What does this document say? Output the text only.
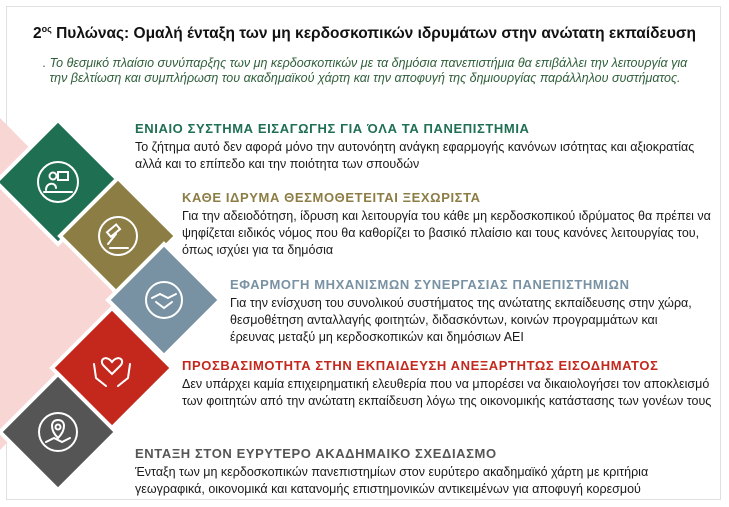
$2^{o\varsigma}$ Πυλώνας: Ομαλή ένταξη των μη κερδοσκοπικών ιδρυμάτων στην ανώτατη εκπαίδευση
. Το θεσμικό πλαίσιο συνύπαρξης των μη κερδοσκοπικών με τα δημόσια πανεπιστήμια θα επιβάλλει την λειτουργία για την βελτίωση και συμπλήρωση του ακαδημαϊκού χάρτη και την αποφυγή της δημιουργίας παράλληλου συστήματος.
ΕΝΙΑΙΟ ΣΥΣΤΗΜΑ ΕΙΣΑΓΩΓΗΣ ΓΙΑ ΌΛΑ ΤΑ ΠΑΝΕΠΙΣΤΗΜΙΑ
Το ζήτημα αυτό δεν αφορά μόνο την αυτονόητη ανάγκη εφαρμογής κανόνων ισότητας και αξιοκρατίας αλλά και το επίπεδο και την ποιότητα των σπουδών
ΚΑΘΕ ΙΔΡΥΜΑ ΘΕΣΜΟΘΕΤΕΙΤΑΙ ΞΕΧΩΡΙΣΤΑ
Για την αδειοδότηση, ίδρυση και λειτουργία του κάθε μη κερδοσκοπικού ιδρύματος θα πρέπει να ψηφίζεται ειδικός νόμος που θα καθορίζει το βασικό πλαίσιο και τους κανόνες λειτουργίας του, όπως ισχύει για τα δημόσια
ΕΦΑΡΜΟΓΗ ΜΗΧΑΝΙΣΜΩΝ ΣΥΝΕΡΓΑΣΙΑΣ ΠΑΝΕΠΙΣΤΗΜΙΩΝ
Για την ενίσχυση του συνολικού συστήματος της ανώτατης εκπαίδευσης στην χώρα, θεσμοθέτηση ανταλλαγής φοιτητών, διδασκόντων, κοινών προγραμμάτων και έρευνας μεταξύ μη κερδοσκοπικών και δημόσιων ΑΕΙ
ΠΡΟΣΒΑΣΙΜΟΤΗΤΑ ΣΤΗΝ ΕΚΠΑΙΔΕΥΣΗ ΑΝΕΞΑΡΤΗΤΩΣ ΕΙΣΟΔΗΜΑΤΟΣ
Δεν υπάρχει καμία επιχειρηματική ελευθερία που να μπορέσει να δικαιολογήσει τον αποκλεισμό των φοιτητών από την ανώτατη εκπαίδευση λόγω της οικονομικής κατάστασης των γονέων τους
ΕΝΤΑΞΗ ΣΤΟΝ ΕΥΡΥΤΕΡΟ ΑΚΑΔΗΜΑΙΚΟ ΣΧΕΔΙΑΣΜΟ
Ένταξη των μη κερδοσκοπικών πανεπιστημίων στον ευρύτερο ακαδημαϊκό χάρτη με κριτήρια γεωγραφικά, οικονομικά και κατανομής επιστημονικών αντικειμένων για αποφυγή κορεσμού
